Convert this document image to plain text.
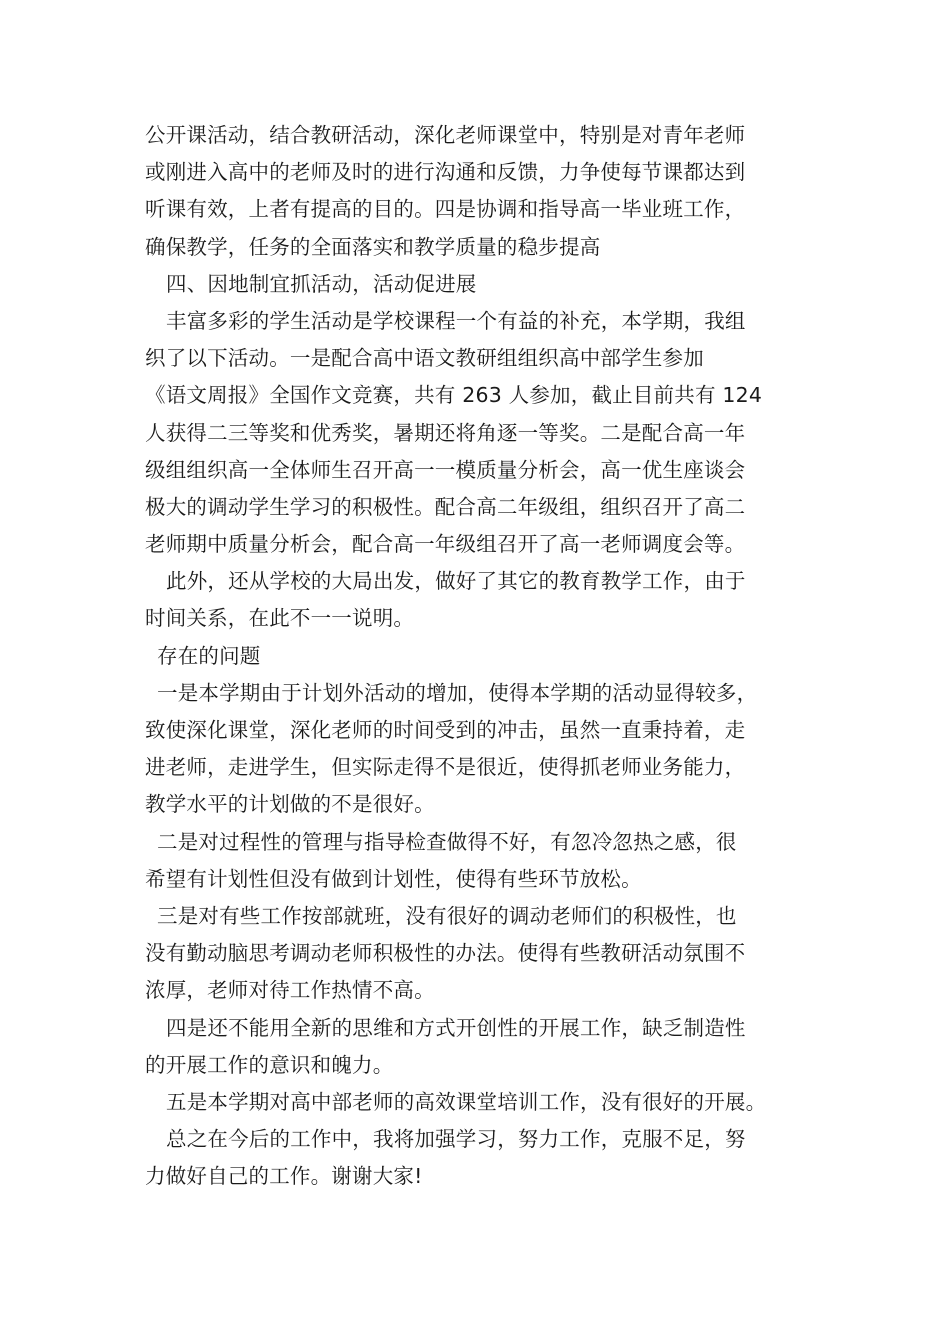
公开课活动，结合教研活动，深化老师课堂中，特别是对青年老师
或刚进入高中的老师及时的进行沟通和反馈，力争使每节课都达到
听课有效，上者有提高的目的。四是协调和指导高一毕业班工作，
确保教学，任务的全面落实和教学质量的稳步提高
四、因地制宜抓活动，活动促进展
丰富多彩的学生活动是学校课程一个有益的补充，本学期，我组
织了以下活动。一是配合高中语文教研组组织高中部学生参加
《语文周报》全国作文竞赛，共有 263 人参加，截止目前共有 124
人获得二三等奖和优秀奖，暑期还将角逐一等奖。二是配合高一年
级组组织高一全体师生召开高一一模质量分析会，高一优生座谈会
极大的调动学生学习的积极性。配合高二年级组，组织召开了高二
老师期中质量分析会，配合高一年级组召开了高一老师调度会等。
此外，还从学校的大局出发，做好了其它的教育教学工作，由于
时间关系，在此不一一说明。
存在的问题
一是本学期由于计划外活动的增加，使得本学期的活动显得较多，
致使深化课堂，深化老师的时间受到的冲击，虽然一直秉持着，走
进老师，走进学生，但实际走得不是很近，使得抓老师业务能力，
教学水平的计划做的不是很好。
二是对过程性的管理与指导检查做得不好，有忽冷忽热之感，很
希望有计划性但没有做到计划性，使得有些环节放松。
三是对有些工作按部就班，没有很好的调动老师们的积极性，也
没有勤动脑思考调动老师积极性的办法。使得有些教研活动氛围不
浓厚，老师对待工作热情不高。
四是还不能用全新的思维和方式开创性的开展工作，缺乏制造性
的开展工作的意识和魄力。
五是本学期对高中部老师的高效课堂培训工作，没有很好的开展。
总之在今后的工作中，我将加强学习，努力工作，克服不足，努
力做好自己的工作。谢谢大家!
